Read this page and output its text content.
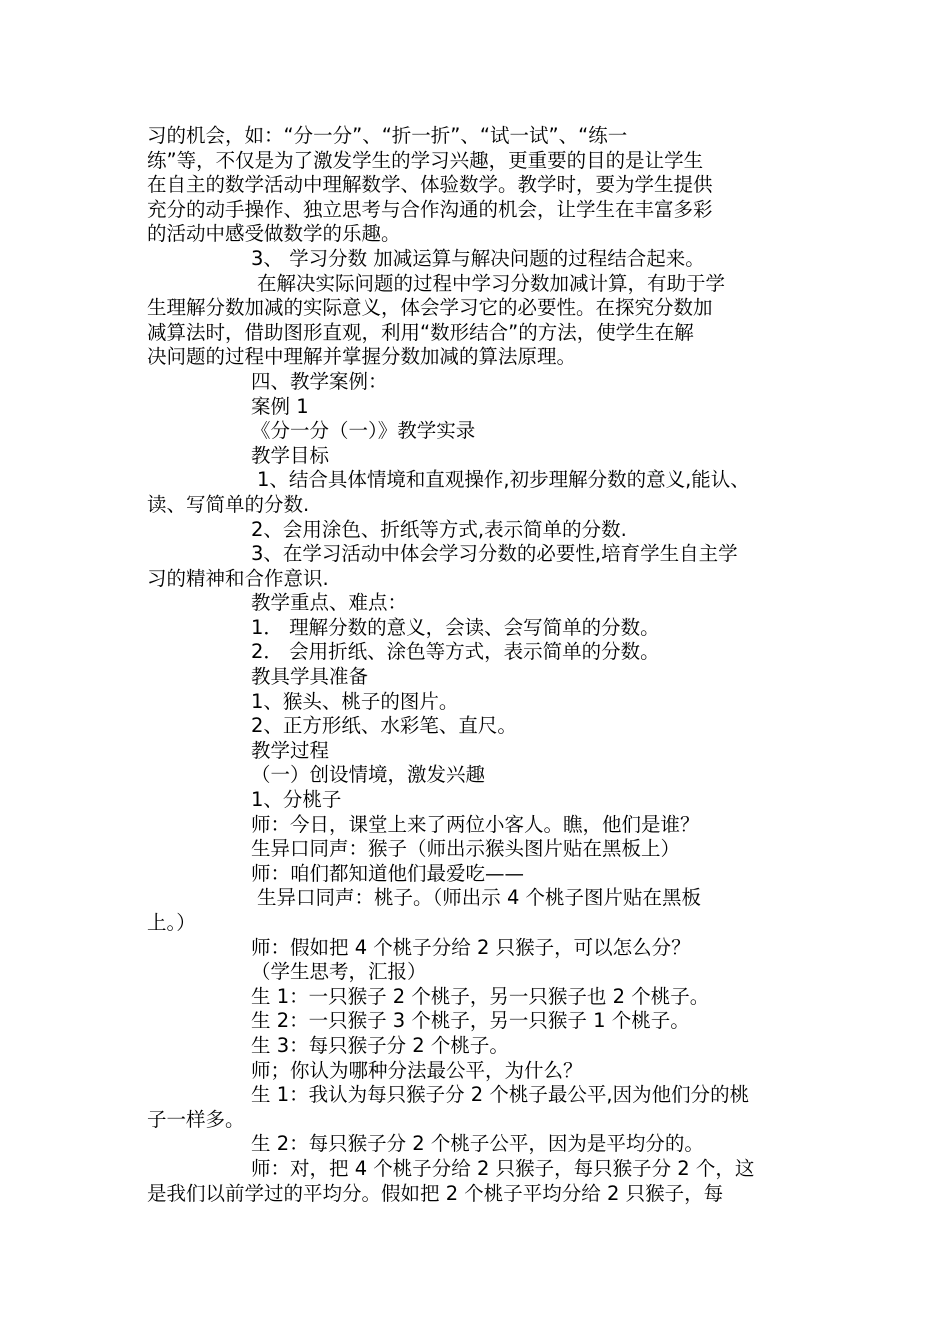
习的机会，如：“分一分”、“折一折”、“试一试”、“练一
练”等，不仅是为了激发学生的学习兴趣，更重要的目的是让学生
在自主的数学活动中理解数学、体验数学。教学时，要为学生提供
充分的动手操作、独立思考与合作沟通的机会，让学生在丰富多彩
的活动中感受做数学的乐趣。
3、 学习分数 加减运算与解决问题的过程结合起来。
在解决实际问题的过程中学习分数加减计算，有助于学
生理解分数加减的实际意义，体会学习它的必要性。在探究分数加
减算法时，借助图形直观，利用“数形结合”的方法，使学生在解
决问题的过程中理解并掌握分数加减的算法原理。
四、教学案例：
案例 1
《分一分（一）》教学实录
教学目标
1、结合具体情境和直观操作,初步理解分数的意义,能认、
读、写简单的分数.
2、会用涂色、折纸等方式,表示简单的分数.
3、在学习活动中体会学习分数的必要性,培育学生自主学
习的精神和合作意识.
教学重点、难点：
1． 理解分数的意义，会读、会写简单的分数。
2． 会用折纸、涂色等方式，表示简单的分数。
教具学具准备
1、猴头、桃子的图片。
2、正方形纸、水彩笔、直尺。
教学过程
（一）创设情境，激发兴趣
1、分桃子
师：今日，课堂上来了两位小客人。瞧，他们是谁？
生异口同声：猴子（师出示猴头图片贴在黑板上）
师：咱们都知道他们最爱吃——
生异口同声：桃子。（师出示 4 个桃子图片贴在黑板
上。）
师：假如把 4 个桃子分给 2 只猴子，可以怎么分？
（学生思考，汇报）
生 1：一只猴子 2 个桃子，另一只猴子也 2 个桃子。
生 2：一只猴子 3 个桃子，另一只猴子 1 个桃子。
生 3：每只猴子分 2 个桃子。
师；你认为哪种分法最公平，为什么？
生 1：我认为每只猴子分 2 个桃子最公平,因为他们分的桃
子一样多。
生 2：每只猴子分 2 个桃子公平，因为是平均分的。
师：对，把 4 个桃子分给 2 只猴子，每只猴子分 2 个，这
是我们以前学过的平均分。假如把 2 个桃子平均分给 2 只猴子，每
